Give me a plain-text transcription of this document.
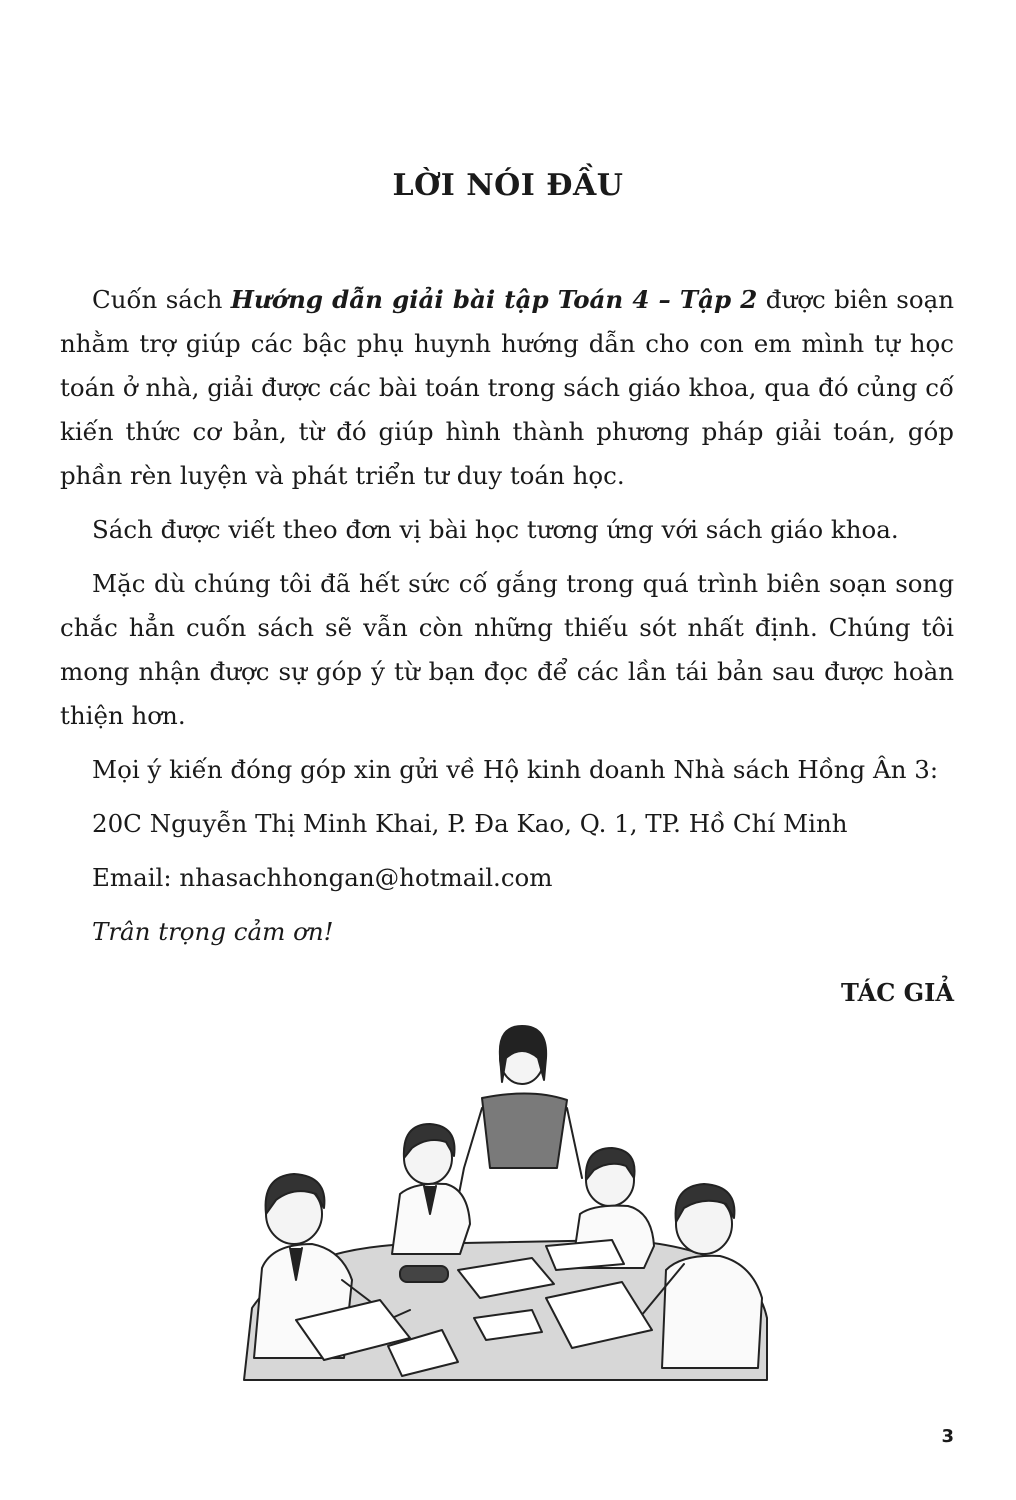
LỜI NÓI ĐẦU

Cuốn sách Hướng dẫn giải bài tập Toán 4 – Tập 2 được biên soạn nhằm trợ giúp các bậc phụ huynh hướng dẫn cho con em mình tự học toán ở nhà, giải được các bài toán trong sách giáo khoa, qua đó củng cố kiến thức cơ bản, từ đó giúp hình thành phương pháp giải toán, góp phần rèn luyện và phát triển tư duy toán học.

Sách được viết theo đơn vị bài học tương ứng với sách giáo khoa.

Mặc dù chúng tôi đã hết sức cố gắng trong quá trình biên soạn song chắc hẳn cuốn sách sẽ vẫn còn những thiếu sót nhất định. Chúng tôi mong nhận được sự góp ý từ bạn đọc để các lần tái bản sau được hoàn thiện hơn.

Mọi ý kiến đóng góp xin gửi về Hộ kinh doanh Nhà sách Hồng Ân 3:

20C Nguyễn Thị Minh Khai, P. Đa Kao, Q. 1, TP. Hồ Chí Minh

Email: nhasachhongan@hotmail.com

Trân trọng cảm ơn!

TÁC GIẢ
3
